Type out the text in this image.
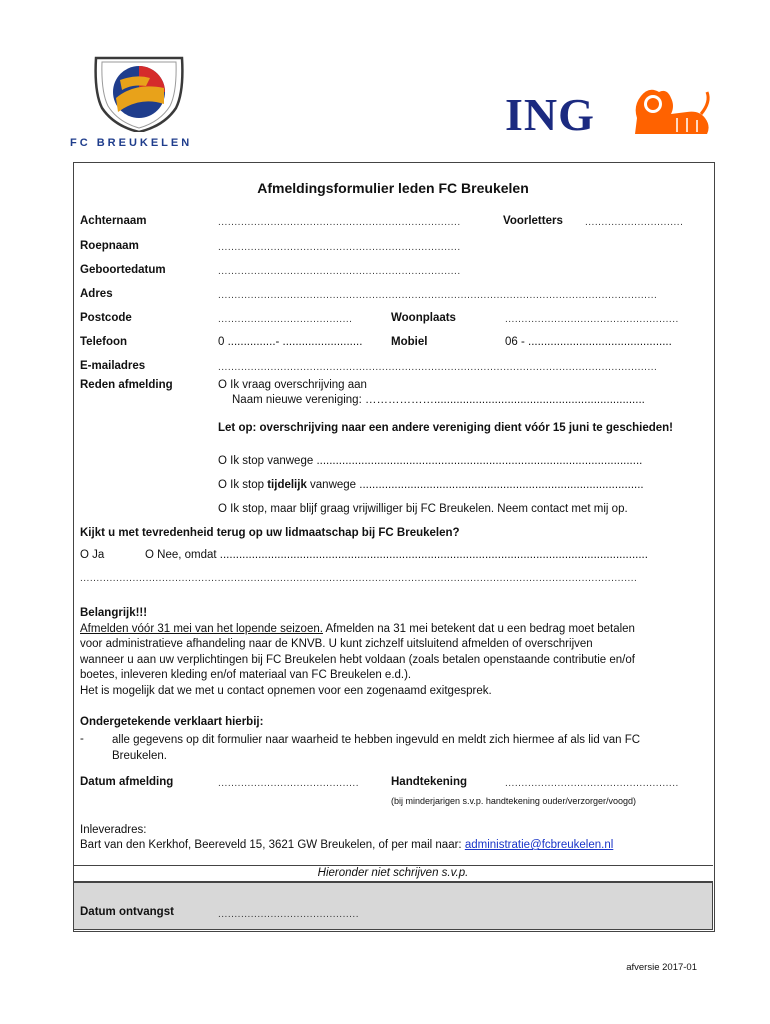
FC BREUKELEN
ING
Afmeldingsformulier leden FC Breukelen
Achternaam	..........................................................................	Voorletters ..............................
Roepnaam	..........................................................................
Geboortedatum	..........................................................................
Adres	......................................................................................................................................
Postcode	.........................................	Woonplaats	.....................................................
Telefoon	0 ...............- .........................	Mobiel	06 - .............................................
E-mailadres	......................................................................................................................................
Reden afmelding	O Ik vraag overschrijving aan
Naam nieuwe vereniging: ………………..................................................................
Let op: overschrijving naar een andere vereniging dient vóór 15 juni te geschieden!
O Ik stop vanwege ......................................................................................................
O Ik stop tijdelijk vanwege .........................................................................................
O Ik stop, maar blijf graag vrijwilliger bij FC Breukelen. Neem contact met mij op.
Kijkt u met tevredenheid terug op uw lidmaatschap bij FC Breukelen?
O Ja	O Nee, omdat ......................................................................................................................................
..........................................................................................................................................................................
Belangrijk!!!
Afmelden vóór 31 mei van het lopende seizoen. Afmelden na 31 mei betekent dat u een bedrag moet betalen
voor administratieve afhandeling naar de KNVB. U kunt zichzelf uitsluitend afmelden of overschrijven
wanneer u aan uw verplichtingen bij FC Breukelen hebt voldaan (zoals betalen openstaande contributie en/of
boetes, inleveren kleding en/of materiaal van FC Breukelen e.d.).
Het is mogelijk dat we met u contact opnemen voor een zogenaamd exitgesprek.
Ondergetekende verklaart hierbij:
- alle gegevens op dit formulier naar waarheid te hebben ingevuld en meldt zich hiermee af als lid van FC
Breukelen.
Datum afmelding	...........................................	Handtekening	.....................................................
(bij minderjarigen s.v.p. handtekening ouder/verzorger/voogd)
Inleveradres:
Bart van den Kerkhof, Beereveld 15, 3621 GW Breukelen, of per mail naar: administratie@fcbreukelen.nl
Hieronder niet schrijven s.v.p.
Datum ontvangst	...........................................
afversie 2017-01
